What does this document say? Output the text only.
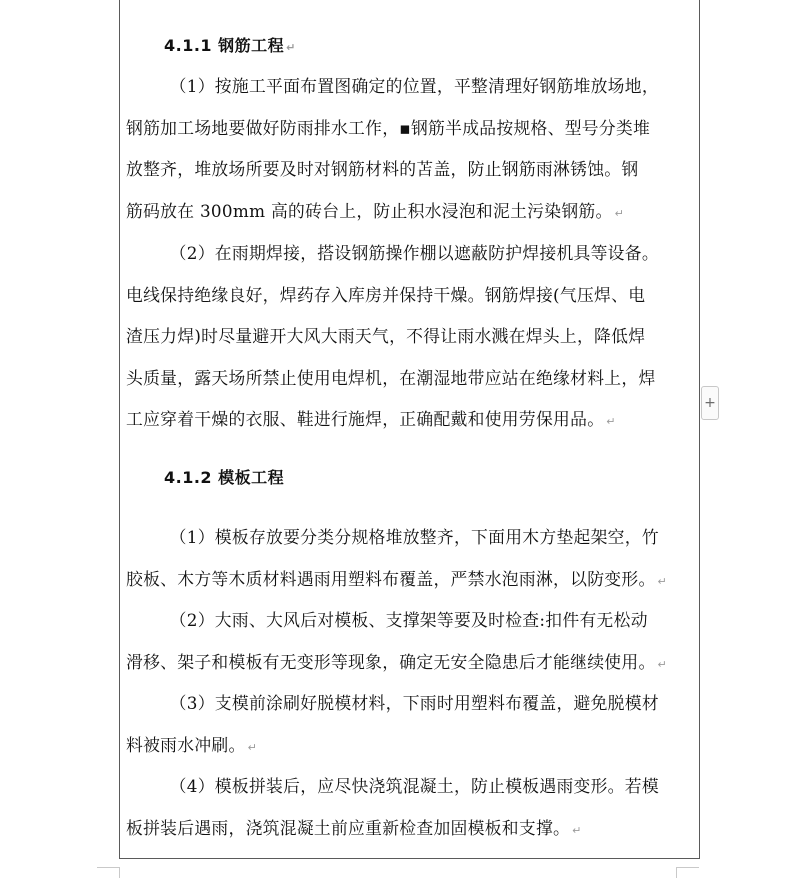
4.1.1 钢筋工程 ↵
（1）按施工平面布置图确定的位置，平整清理好钢筋堆放场地，
钢筋加工场地要做好防雨排水工作，▪钢筋半成品按规格、型号分类堆
放整齐，堆放场所要及时对钢筋材料的苫盖，防止钢筋雨淋锈蚀。钢
筋码放在 300mm 高的砖台上，防止积水浸泡和泥土污染钢筋。 ↵
（2）在雨期焊接，搭设钢筋操作棚以遮蔽防护焊接机具等设备。
电线保持绝缘良好，焊药存入库房并保持干燥。钢筋焊接(气压焊、电
渣压力焊)时尽量避开大风大雨天气，不得让雨水溅在焊头上，降低焊
头质量，露天场所禁止使用电焊机，在潮湿地带应站在绝缘材料上，焊
工应穿着干燥的衣服、鞋进行施焊，正确配戴和使用劳保用品。 ↵
4.1.2 模板工程
（1）模板存放要分类分规格堆放整齐，下面用木方垫起架空，竹
胶板、木方等木质材料遇雨用塑料布覆盖，严禁水泡雨淋，以防变形。 ↵
（2）大雨、大风后对模板、支撑架等要及时检查:扣件有无松动
滑移、架子和模板有无变形等现象，确定无安全隐患后才能继续使用。 ↵
（3）支模前涂刷好脱模材料，下雨时用塑料布覆盖，避免脱模材
料被雨水冲刷。 ↵
（4）模板拼装后，应尽快浇筑混凝土，防止模板遇雨变形。若模
板拼装后遇雨，浇筑混凝土前应重新检查加固模板和支撑。 ↵
+
